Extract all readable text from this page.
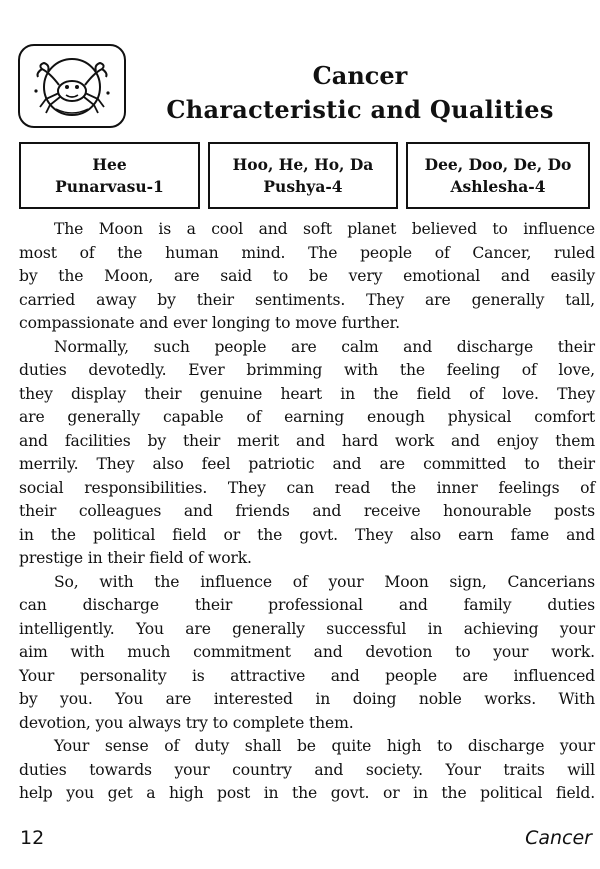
Cancer
Characteristic and Qualities
Hee
Punarvasu-1
Hoo, He, Ho, Da
Pushya-4
Dee, Doo, De, Do
Ashlesha-4
The Moon is a cool and soft planet believed to influence
most of the human mind. The people of Cancer, ruled
by the Moon, are said to be very emotional and easily
carried away by their sentiments. They are generally tall,
compassionate and ever longing to move further.
Normally, such people are calm and discharge their
duties devotedly. Ever brimming with the feeling of love,
they display their genuine heart in the field of love. They
are generally capable of earning enough physical comfort
and facilities by their merit and hard work and enjoy them
merrily. They also feel patriotic and are committed to their
social responsibilities. They can read the inner feelings of
their colleagues and friends and receive honourable posts
in the political field or the govt. They also earn fame and
prestige in their field of work.
So, with the influence of your Moon sign, Cancerians
can discharge their professional and family duties
intelligently. You are generally successful in achieving your
aim with much commitment and devotion to your work.
Your personality is attractive and people are influenced
by you. You are interested in doing noble works. With
devotion, you always try to complete them.
Your sense of duty shall be quite high to discharge your
duties towards your country and society. Your traits will
help you get a high post in the govt. or in the political field.
12	Cancer
